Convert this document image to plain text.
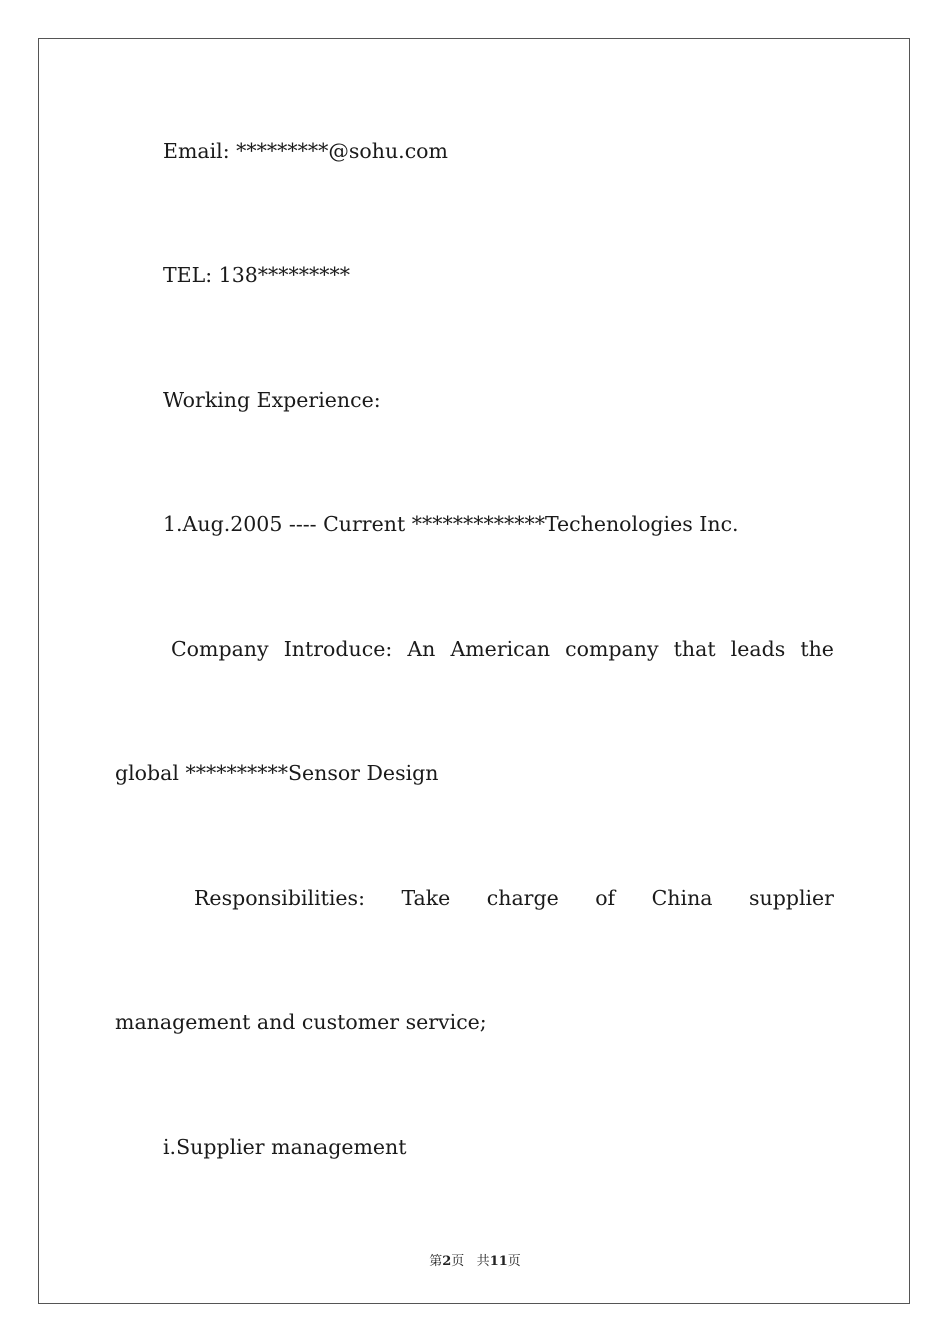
Email: *********@sohu.com
TEL: 138*********
Working Experience:
1.Aug.2005 ---- Current *************Techenologies Inc.
Company Introduce: An American company that leads the
global **********Sensor Design
Responsibilities: Take charge of China supplier
management and customer service;
i.Supplier management
第2页 共11页
